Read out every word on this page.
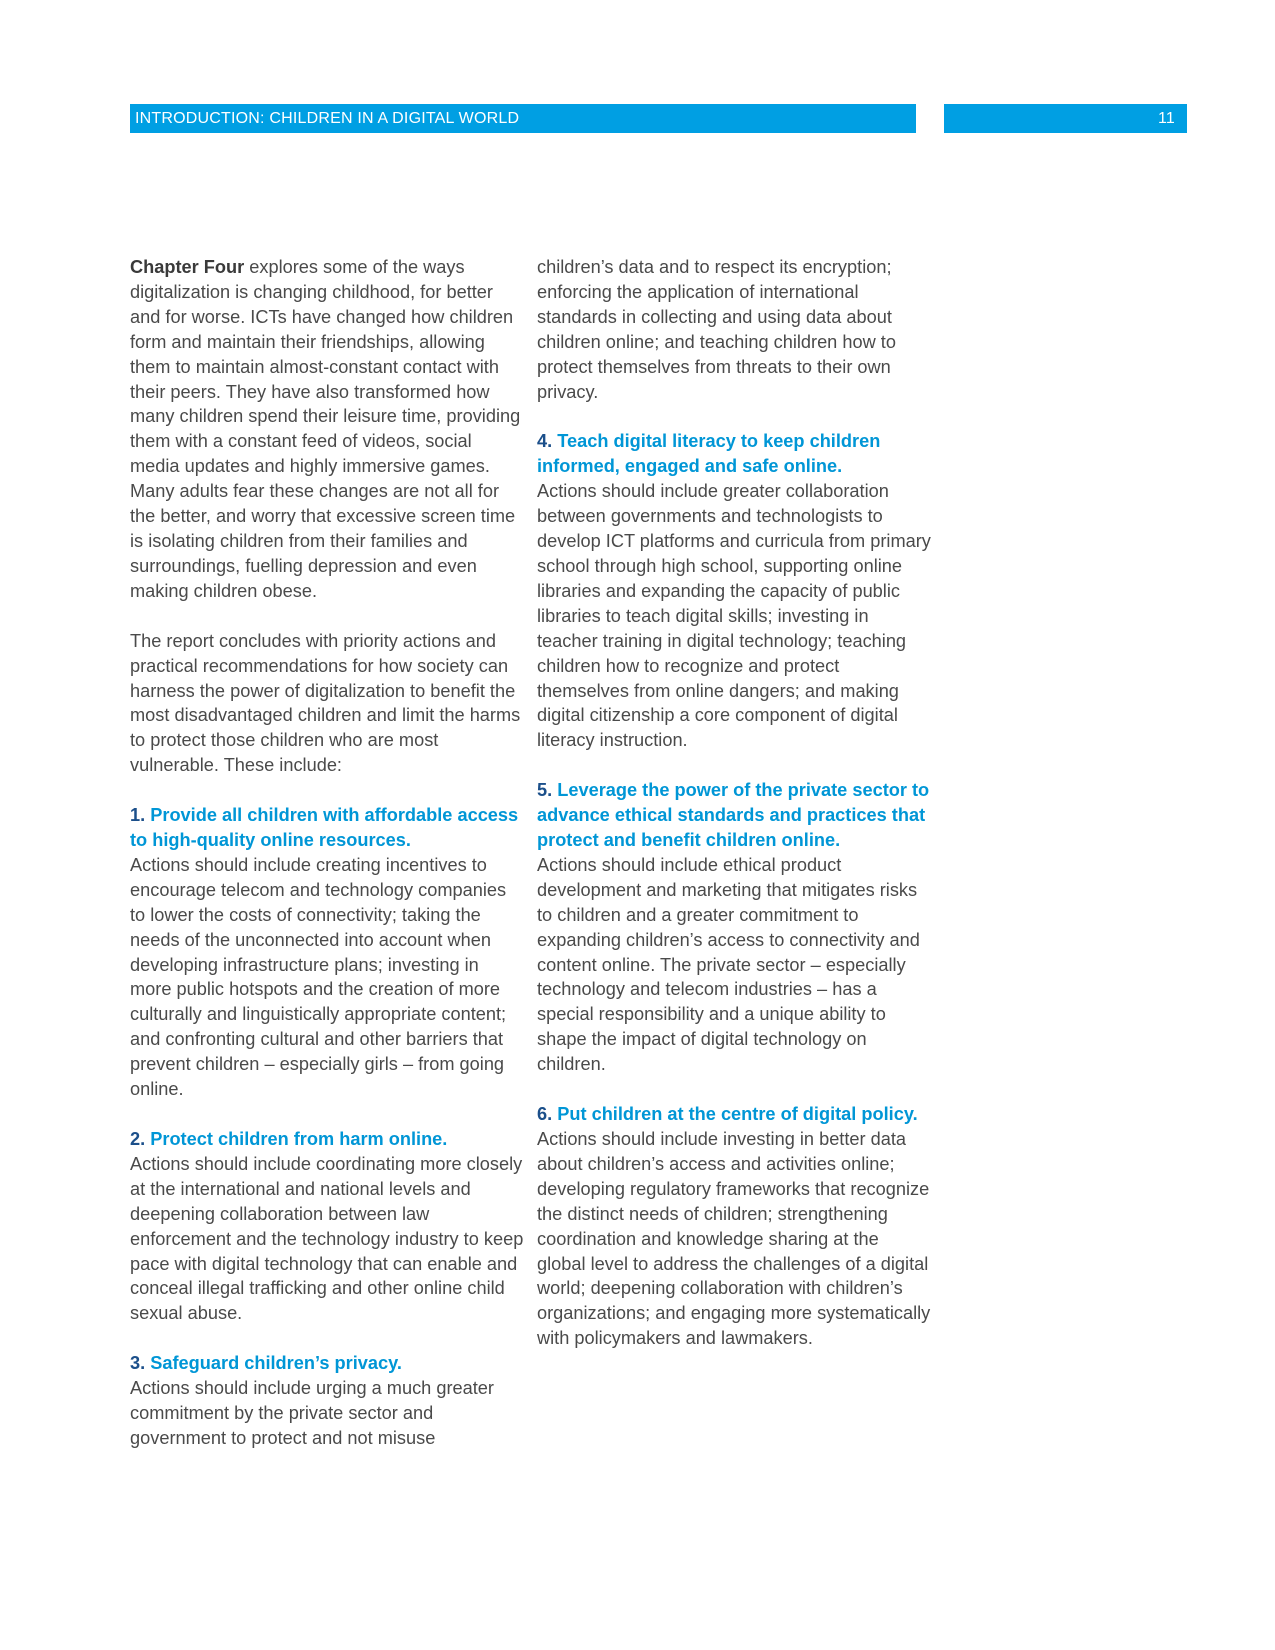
INTRODUCTION: CHILDREN IN A DIGITAL WORLD	11

Chapter Four explores some of the ways digitalization is changing childhood, for better and for worse. ICTs have changed how children form and maintain their friendships, allowing them to maintain almost-constant contact with their peers. They have also transformed how many children spend their leisure time, providing them with a constant feed of videos, social media updates and highly immersive games. Many adults fear these changes are not all for the better, and worry that excessive screen time is isolating children from their families and surroundings, fuelling depression and even making children obese.

The report concludes with priority actions and practical recommendations for how society can harness the power of digitalization to benefit the most disadvantaged children and limit the harms to protect those children who are most vulnerable. These include:

1. Provide all children with affordable access to high-quality online resources.

Actions should include creating incentives to encourage telecom and technology companies to lower the costs of connectivity; taking the needs of the unconnected into account when developing infrastructure plans; investing in more public hotspots and the creation of more culturally and linguistically appropriate content; and confronting cultural and other barriers that prevent children – especially girls – from going online.

2. Protect children from harm online.

Actions should include coordinating more closely at the international and national levels and deepening collaboration between law enforcement and the technology industry to keep pace with digital technology that can enable and conceal illegal trafficking and other online child sexual abuse.

3. Safeguard children’s privacy.

Actions should include urging a much greater commitment by the private sector and government to protect and not misuse

children’s data and to respect its encryption; enforcing the application of international standards in collecting and using data about children online; and teaching children how to protect themselves from threats to their own privacy.

4. Teach digital literacy to keep children informed, engaged and safe online.

Actions should include greater collaboration between governments and technologists to develop ICT platforms and curricula from primary school through high school, supporting online libraries and expanding the capacity of public libraries to teach digital skills; investing in teacher training in digital technology; teaching children how to recognize and protect themselves from online dangers; and making digital citizenship a core component of digital literacy instruction.

5. Leverage the power of the private sector to advance ethical standards and practices that protect and benefit children online.

Actions should include ethical product development and marketing that mitigates risks to children and a greater commitment to expanding children’s access to connectivity and content online. The private sector – especially technology and telecom industries – has a special responsibility and a unique ability to shape the impact of digital technology on children.

6. Put children at the centre of digital policy.

Actions should include investing in better data about children’s access and activities online; developing regulatory frameworks that recognize the distinct needs of children; strengthening coordination and knowledge sharing at the global level to address the challenges of a digital world; deepening collaboration with children’s organizations; and engaging more systematically with policymakers and lawmakers.
